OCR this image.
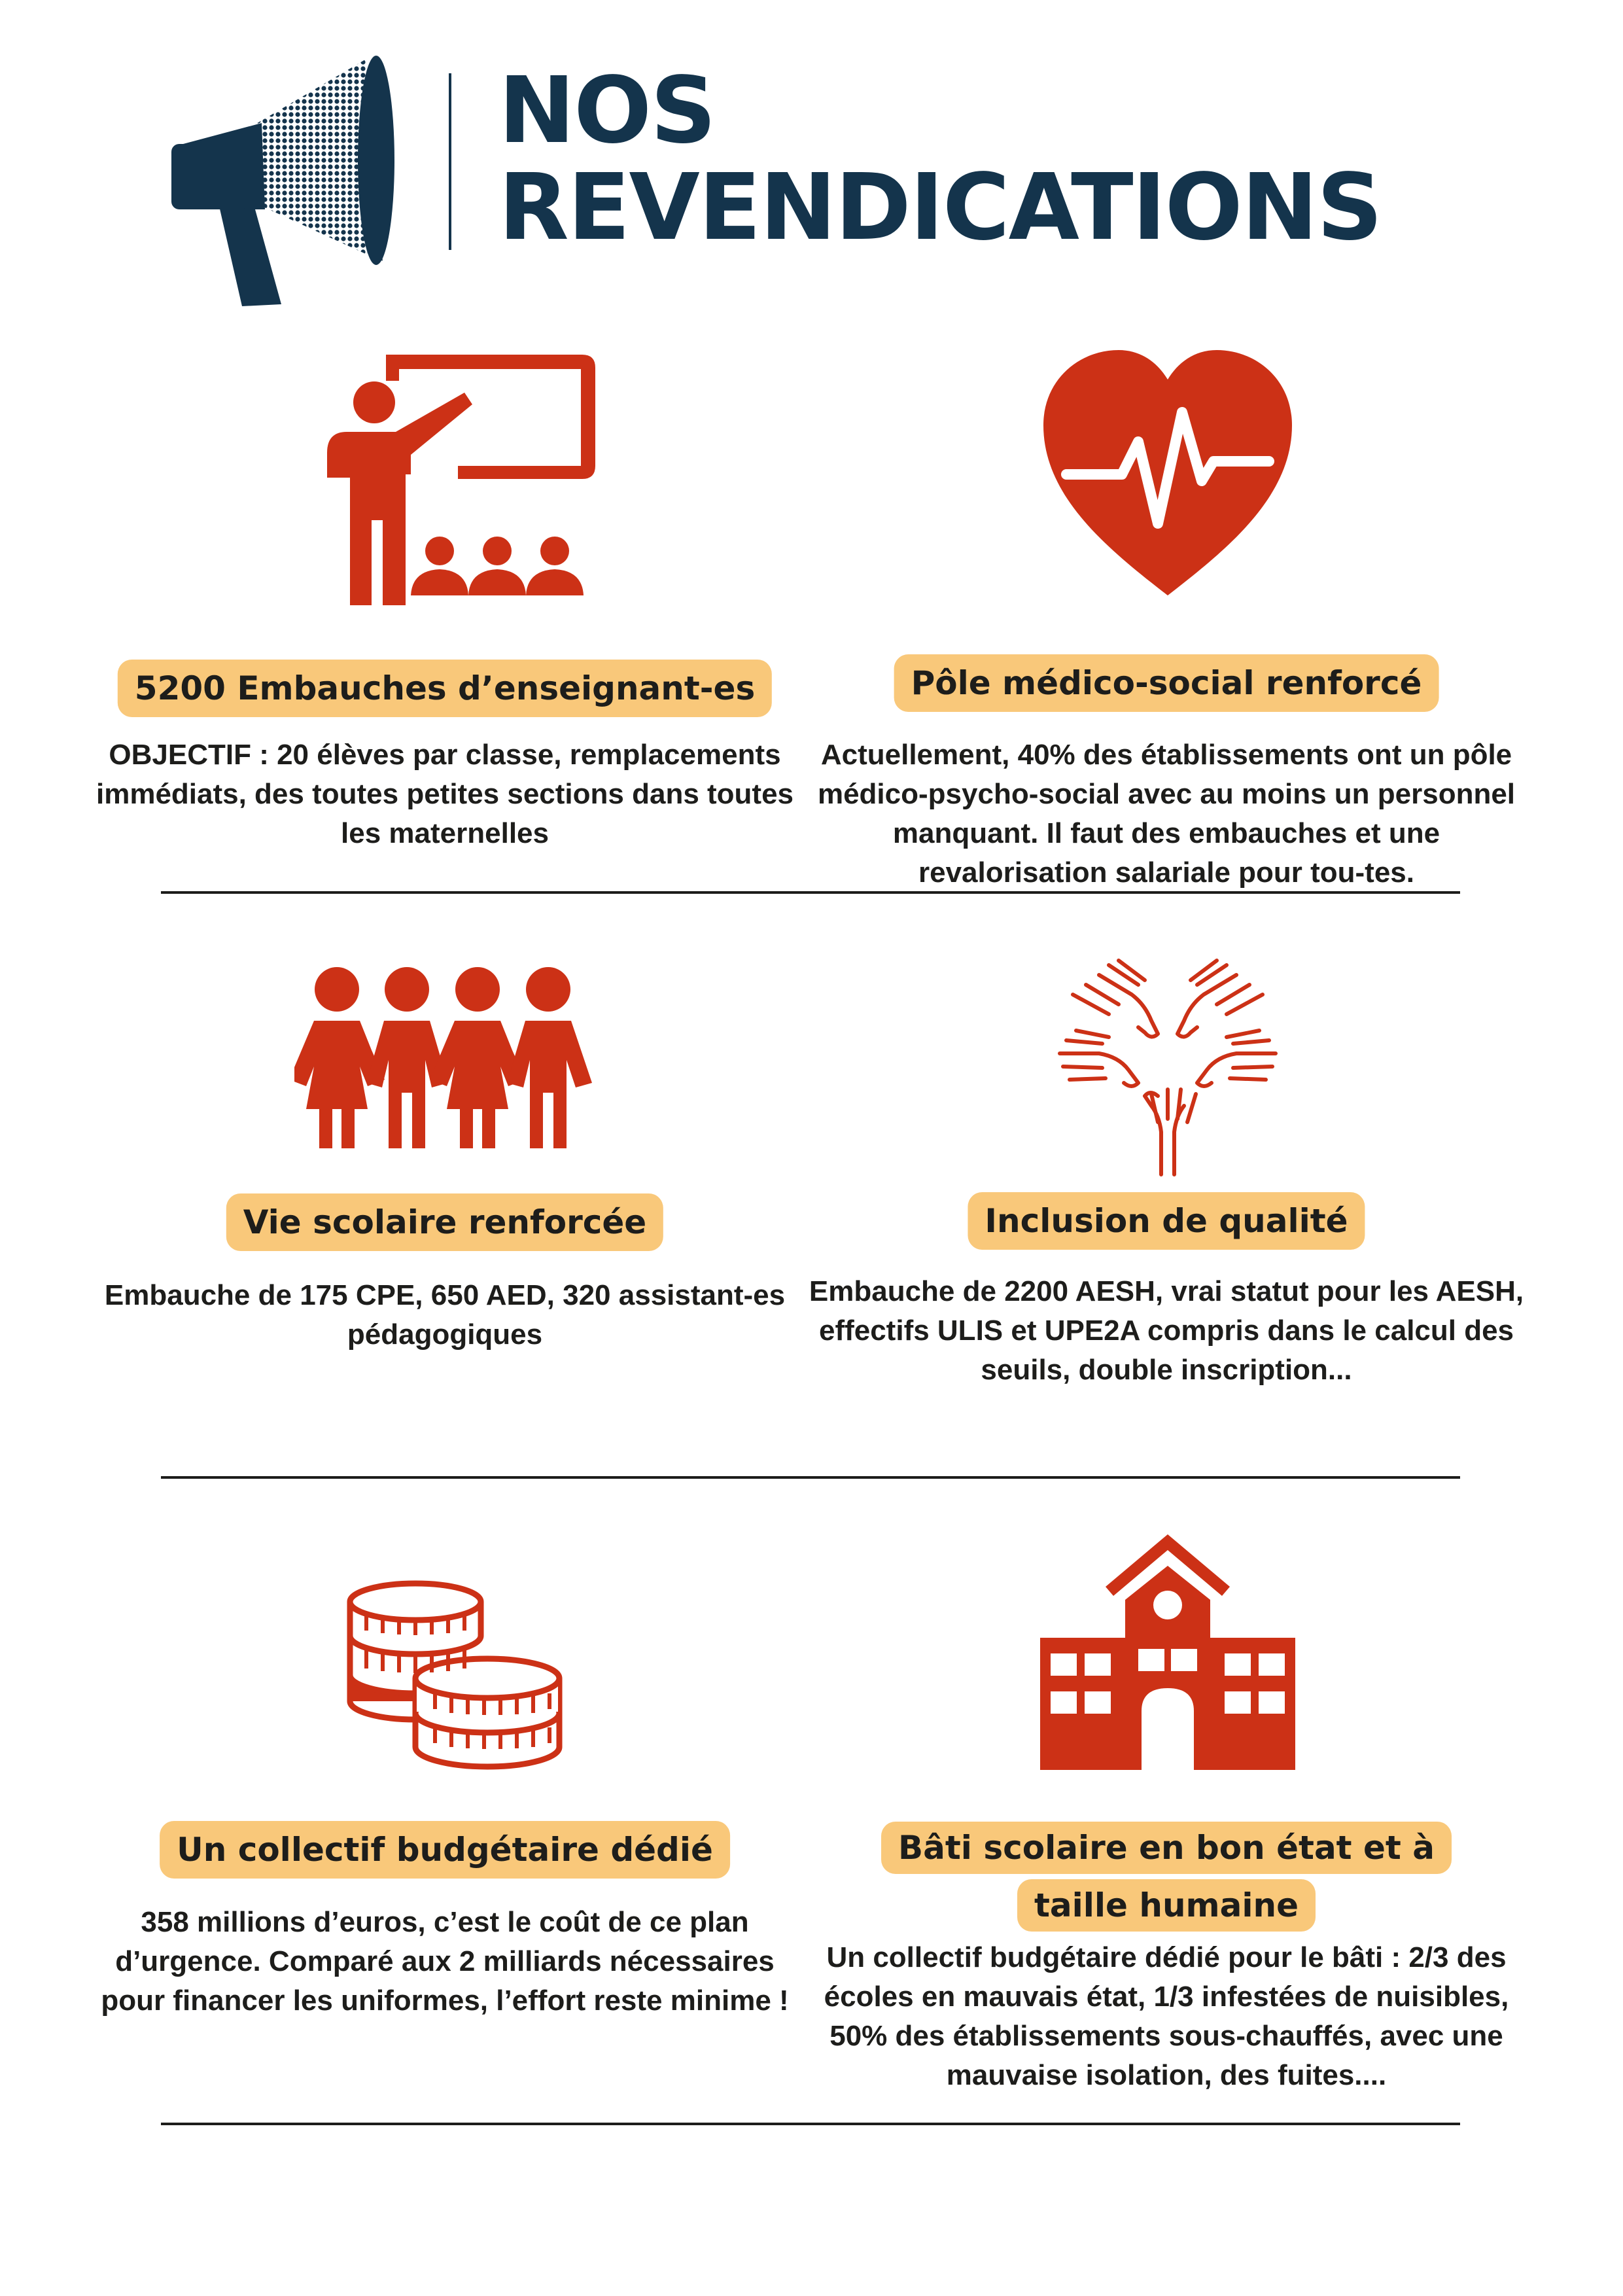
NOS
REVENDICATIONS
5200 Embauches d’enseignant-es

OBJECTIF : 20 élèves par classe, remplacements immédiats, des toutes petites sections dans toutes les maternelles

Pôle médico-social renforcé

Actuellement, 40% des établissements ont un pôle médico-psycho-social avec au moins un personnel manquant. Il faut des embauches et une revalorisation salariale pour tou-tes.

Vie scolaire renforcée

Embauche de 175 CPE, 650 AED, 320 assistant-es pédagogiques

Inclusion de qualité

Embauche de 2200 AESH, vrai statut pour les AESH, effectifs ULIS et UPE2A compris dans le calcul des seuils, double inscription...

Un collectif budgétaire dédié

358 millions d’euros, c’est le coût de ce plan d’urgence. Comparé aux 2 milliards nécessaires pour financer les uniformes, l’effort reste minime !

Bâti scolaire en bon état et à
taille humaine

Un collectif budgétaire dédié pour le bâti : 2/3 des écoles en mauvais état, 1/3 infestées de nuisibles, 50% des établissements sous-chauffés, avec une mauvaise isolation, des fuites....
